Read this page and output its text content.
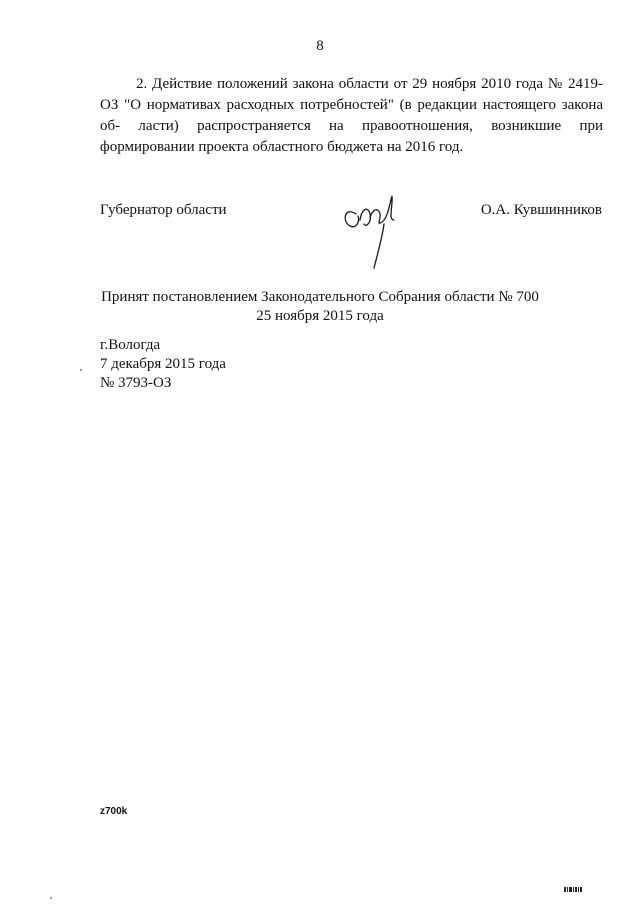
8
2. Действие положений закона области от 29 ноября 2010 года № 2419-ОЗ "О нормативах расходных потребностей" (в редакции настоящего закона об- ласти) распространяется на правоотношения, возникшие при формировании проекта областного бюджета на 2016 год.
Губернатор области	О.А. Кувшинников
Принят постановлением Законодательного Собрания области № 700
25 ноября 2015 года
г.Вологда
7 декабря 2015 года
№ 3793-ОЗ
z700k
